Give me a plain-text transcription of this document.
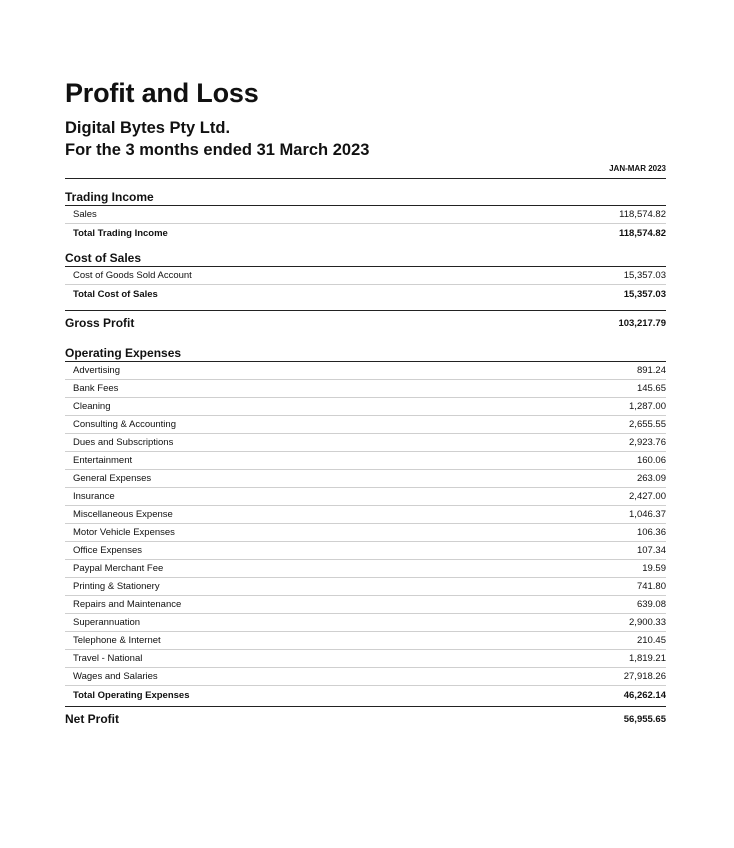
Profit and Loss
Digital Bytes Pty Ltd.
For the 3 months ended 31 March 2023
JAN-MAR 2023
Trading Income
Sales	118,574.82
Total Trading Income	118,574.82
Cost of Sales
Cost of Goods Sold Account	15,357.03
Total Cost of Sales	15,357.03
Gross Profit	103,217.79
Operating Expenses
Advertising	891.24
Bank Fees	145.65
Cleaning	1,287.00
Consulting & Accounting	2,655.55
Dues and Subscriptions	2,923.76
Entertainment	160.06
General Expenses	263.09
Insurance	2,427.00
Miscellaneous Expense	1,046.37
Motor Vehicle Expenses	106.36
Office Expenses	107.34
Paypal Merchant Fee	19.59
Printing & Stationery	741.80
Repairs and Maintenance	639.08
Superannuation	2,900.33
Telephone & Internet	210.45
Travel - National	1,819.21
Wages and Salaries	27,918.26
Total Operating Expenses	46,262.14
Net Profit	56,955.65
